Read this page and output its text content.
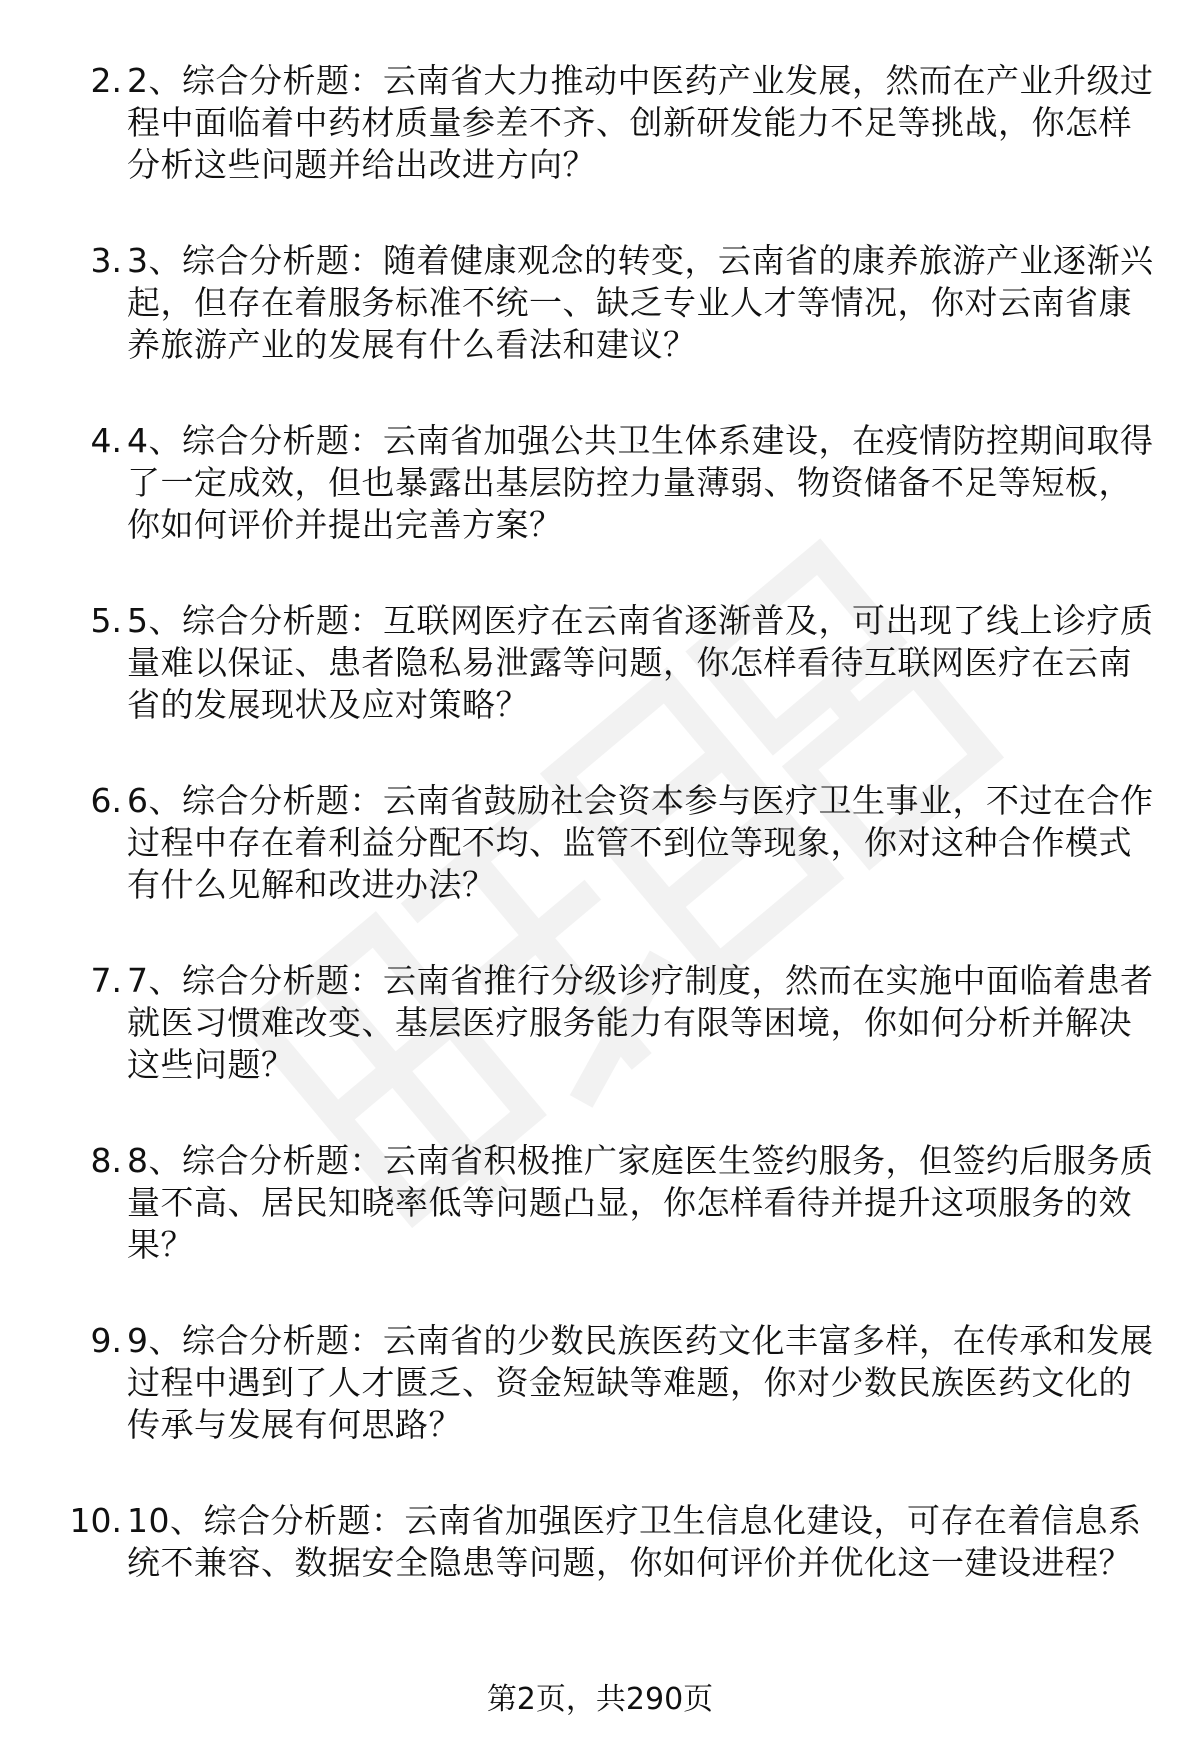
2. 2、综合分析题：云南省大力推动中医药产业发展，然而在产业升级过程中面临着中药材质量参差不齐、创新研发能力不足等挑战，你怎样分析这些问题并给出改进方向？
3. 3、综合分析题：随着健康观念的转变，云南省的康养旅游产业逐渐兴起，但存在着服务标准不统一、缺乏专业人才等情况，你对云南省康养旅游产业的发展有什么看法和建议？
4. 4、综合分析题：云南省加强公共卫生体系建设，在疫情防控期间取得了一定成效，但也暴露出基层防控力量薄弱、物资储备不足等短板，你如何评价并提出完善方案？
5. 5、综合分析题：互联网医疗在云南省逐渐普及，可出现了线上诊疗质量难以保证、患者隐私易泄露等问题，你怎样看待互联网医疗在云南省的发展现状及应对策略？
6. 6、综合分析题：云南省鼓励社会资本参与医疗卫生事业，不过在合作过程中存在着利益分配不均、监管不到位等现象，你对这种合作模式有什么见解和改进办法？
7. 7、综合分析题：云南省推行分级诊疗制度，然而在实施中面临着患者就医习惯难改变、基层医疗服务能力有限等困境，你如何分析并解决这些问题？
8. 8、综合分析题：云南省积极推广家庭医生签约服务，但签约后服务质量不高、居民知晓率低等问题凸显，你怎样看待并提升这项服务的效果？
9. 9、综合分析题：云南省的少数民族医药文化丰富多样，在传承和发展过程中遇到了人才匮乏、资金短缺等难题，你对少数民族医药文化的传承与发展有何思路？
10. 10、综合分析题：云南省加强医疗卫生信息化建设，可存在着信息系统不兼容、数据安全隐患等问题，你如何评价并优化这一建设进程？
第2页，共290页
